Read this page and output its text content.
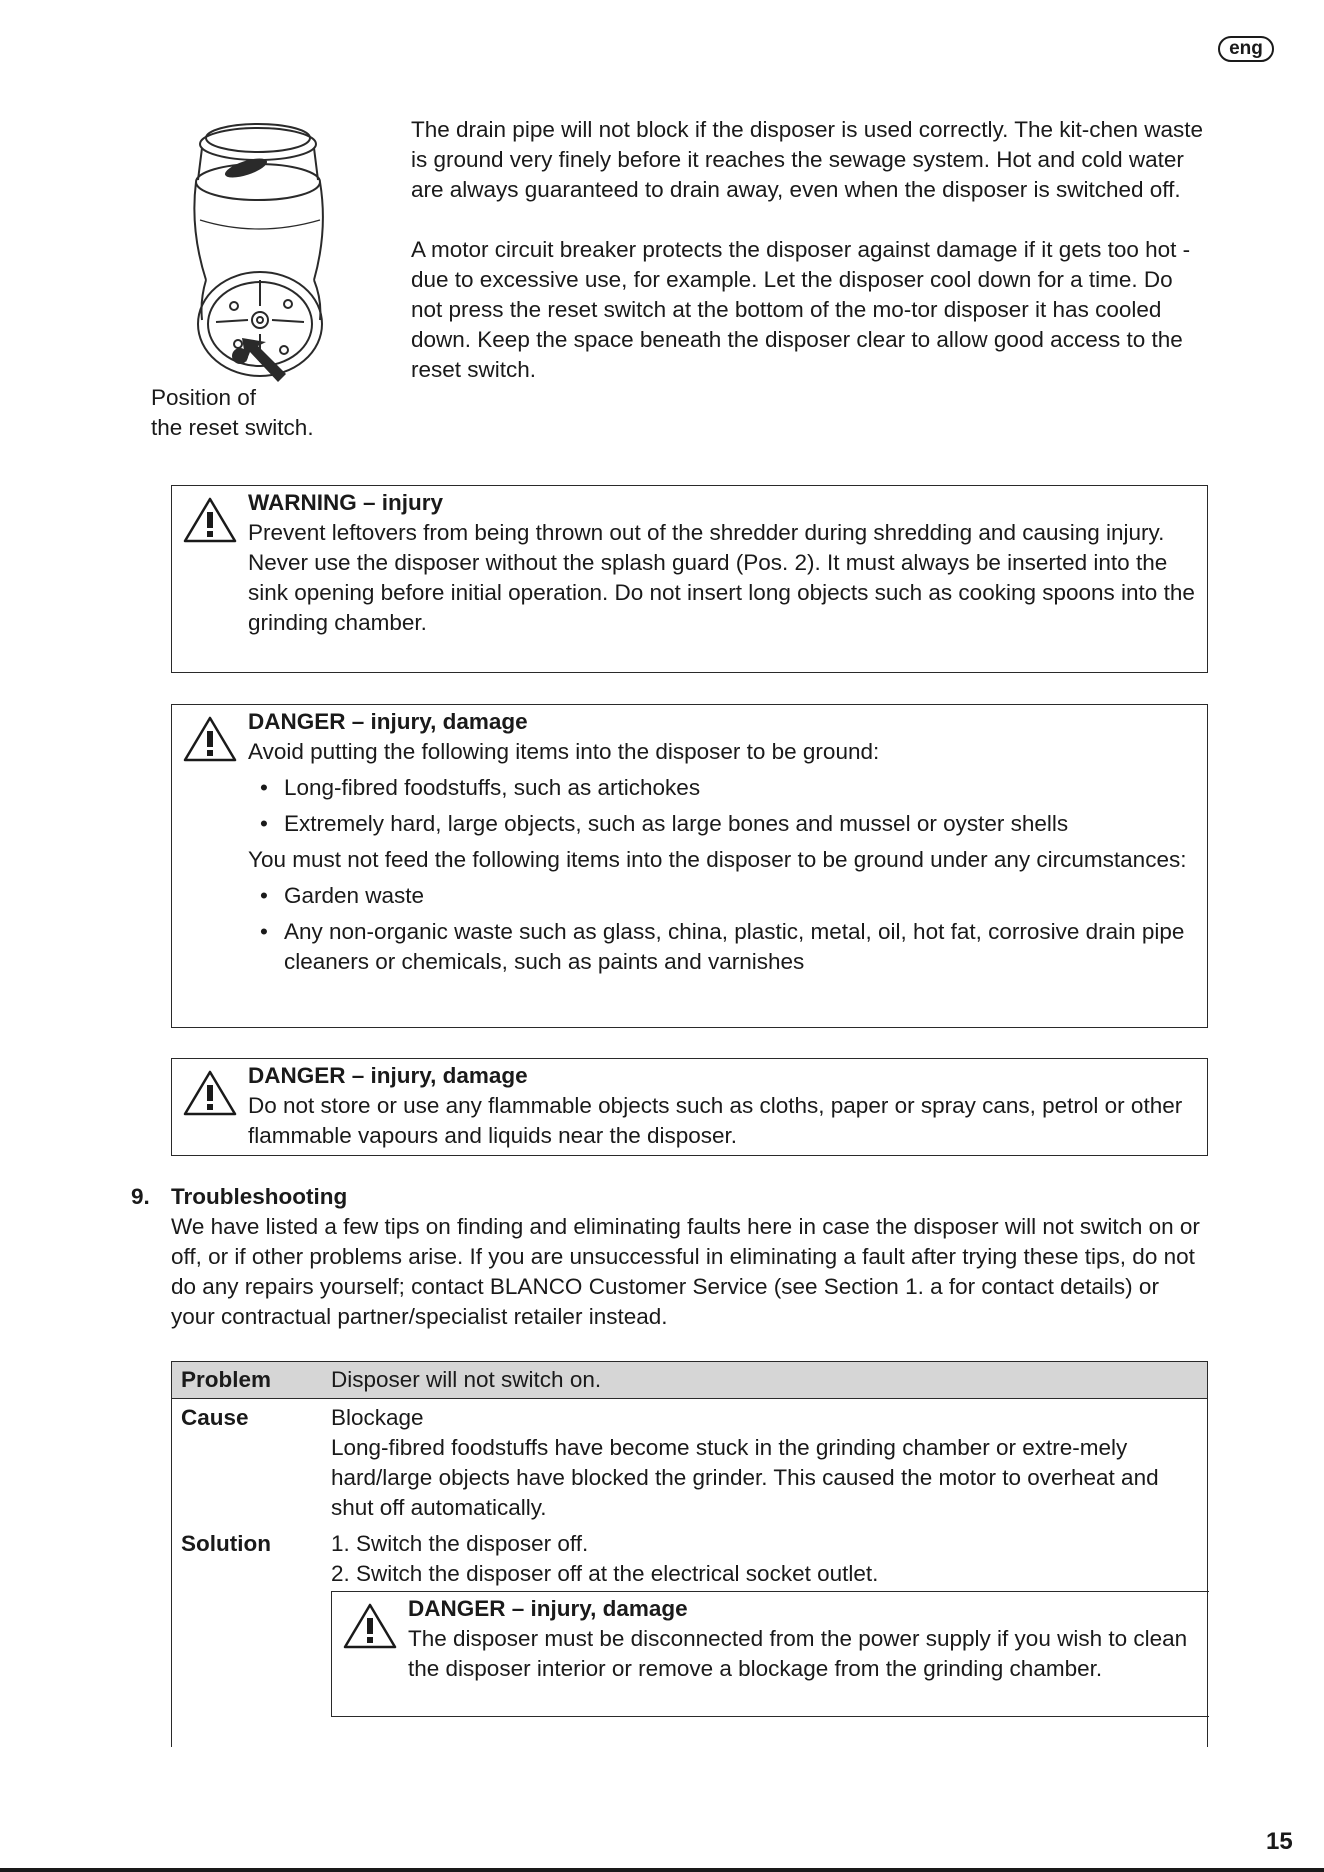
eng
Position of
the reset switch.

The drain pipe will not block if the disposer is used correctly. The kit-chen waste is ground very finely before it reaches the sewage system. Hot and cold water are always guaranteed to drain away, even when the disposer is switched off.

A motor circuit breaker protects the disposer against damage if it gets too hot - due to excessive use, for example. Let the disposer cool down for a time. Do not press the reset switch at the bottom of the mo-tor disposer it has cooled down. Keep the space beneath the disposer clear to allow good access to the reset switch.

WARNING – injury

Prevent leftovers from being thrown out of the shredder during shredding and causing injury.

Never use the disposer without the splash guard (Pos. 2). It must always be inserted into the sink opening before initial operation. Do not insert long objects such as cooking spoons into the grinding chamber.

DANGER – injury, damage

Avoid putting the following items into the disposer to be ground:

• Long-fibred foodstuffs, such as artichokes
• Extremely hard, large objects, such as large bones and mussel or oyster shells

You must not feed the following items into the disposer to be ground under any circumstances:

• Garden waste
• Any non-organic waste such as glass, china, plastic, metal, oil, hot fat, corrosive drain pipe cleaners or chemicals, such as paints and varnishes
DANGER – injury, damage

Do not store or use any flammable objects such as cloths, paper or spray cans, petrol or other flammable vapours and liquids near the disposer.

9. Troubleshooting
We have listed a few tips on finding and eliminating faults here in case the disposer will not switch on or off, or if other problems arise. If you are unsuccessful in eliminating a fault after trying these tips, do not do any repairs yourself; contact BLANCO Customer Service (see Section 1. a for contact details) or your contractual partner/specialist retailer instead.
Problem	Disposer will not switch on.
Cause	Blockage

Long-fibred foodstuffs have become stuck in the grinding chamber or extre-mely hard/large objects have blocked the grinder. This caused the motor to overheat and shut off automatically.

Solution	1. Switch the disposer off.

2. Switch the disposer off at the electrical socket outlet.

DANGER – injury, damage

The disposer must be disconnected from the power supply if you wish to clean the disposer interior or remove a blockage from the grinding chamber.

15
